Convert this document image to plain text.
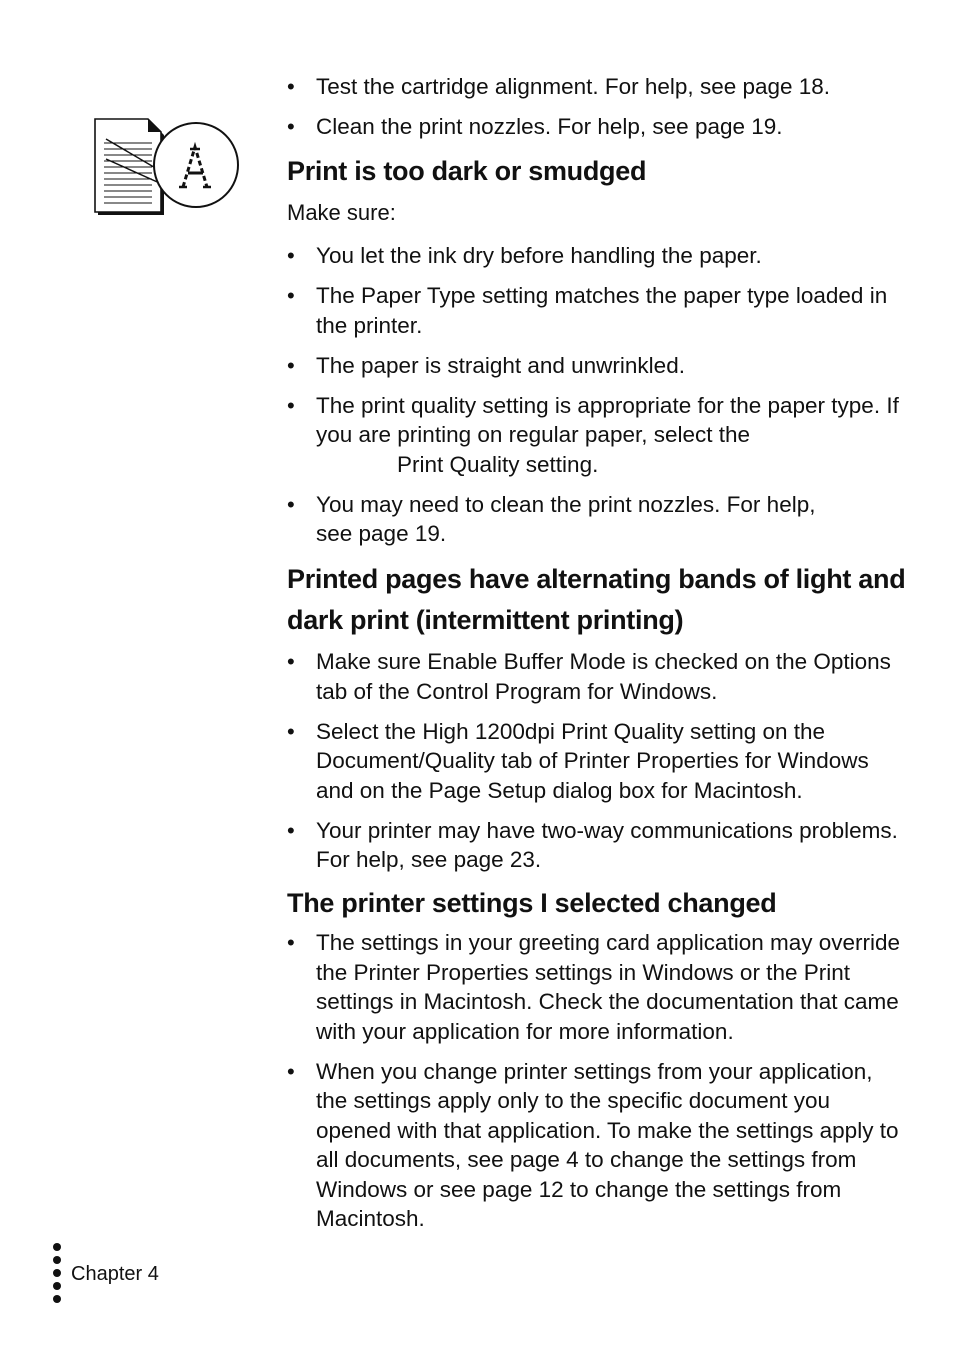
• Test the cartridge alignment. For help, see page 18.
• Clean the print nozzles. For help, see page 19.
Print is too dark or smudged
Make sure:
• You let the ink dry before handling the paper.
• The Paper Type setting matches the paper type loaded in the printer.
• The paper is straight and unwrinkled.
• The print quality setting is appropriate for the paper type. If you are printing on regular paper, select the
Print Quality setting.
• You may need to clean the print nozzles. For help, see page 19.
Printed pages have alternating bands of light and dark print (intermittent printing)
• Make sure Enable Buffer Mode is checked on the Options tab of the Control Program for Windows.
• Select the High 1200dpi Print Quality setting on the Document/Quality tab of Printer Properties for Windows and on the Page Setup dialog box for Macintosh.
• Your printer may have two-way communications problems. For help, see page 23.
The printer settings I selected changed
• The settings in your greeting card application may override the Printer Properties settings in Windows or the Print settings in Macintosh. Check the documentation that came with your application for more information.
• When you change printer settings from your application, the settings apply only to the specific document you opened with that application. To make the settings apply to all documents, see page 4 to change the settings from Windows or see page 12 to change the settings from Macintosh.
Chapter 4
